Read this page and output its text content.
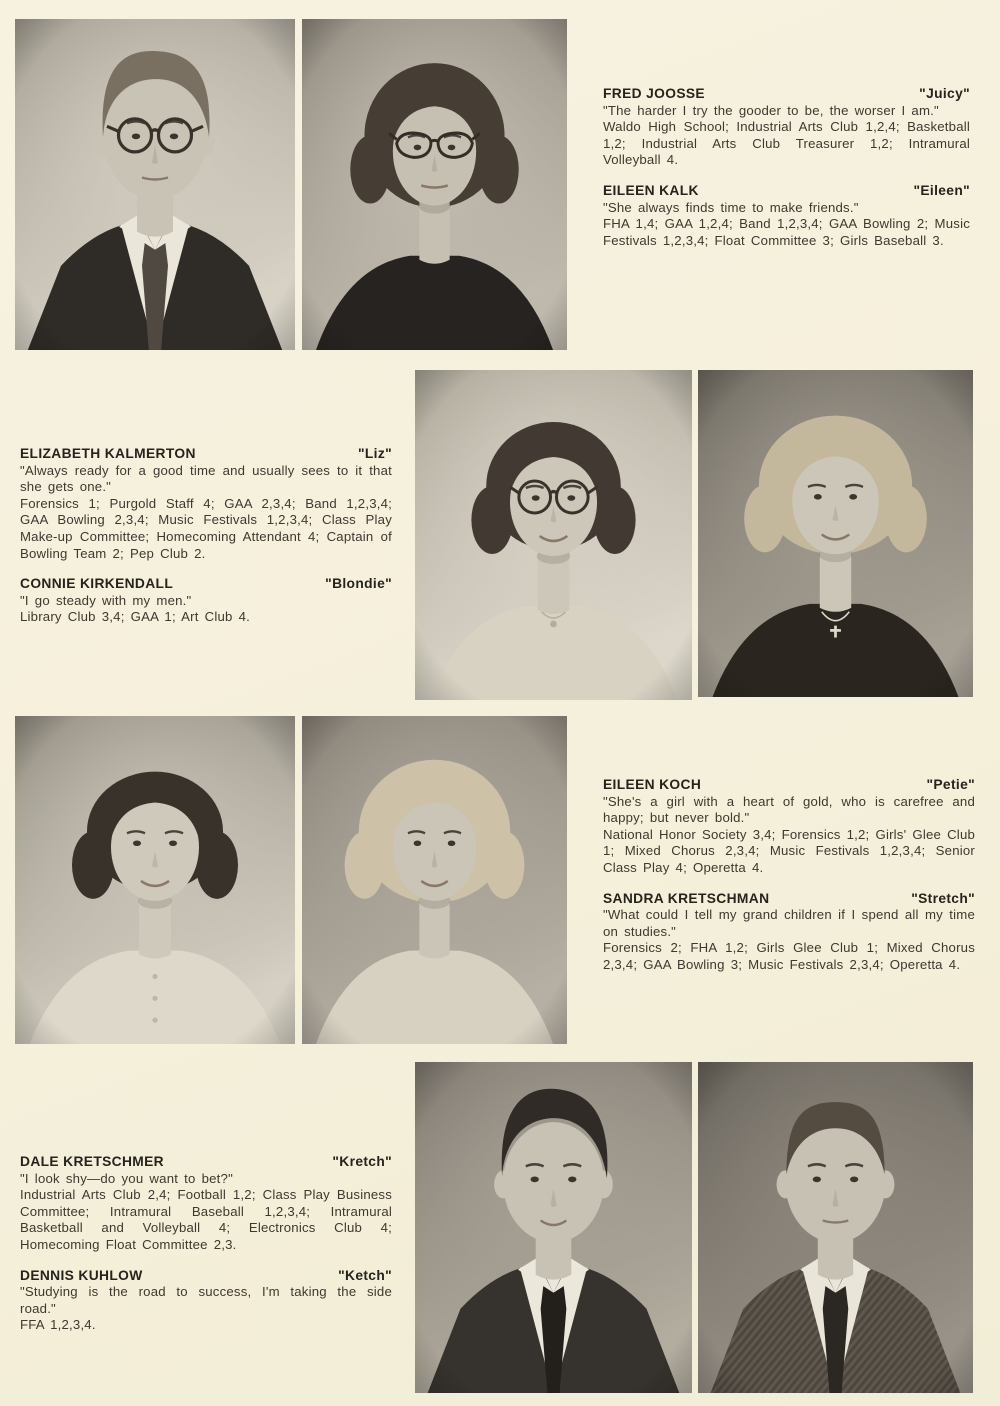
FRED JOOSSE	"Juicy"

"The harder I try the gooder to be, the worser I am."

Waldo High School; Industrial Arts Club 1,2,4; Basketball 1,2; Industrial Arts Club Treasurer 1,2; Intramural Volleyball 4.

EILEEN KALK	"Eileen"

"She always finds time to make friends."

FHA 1,4; GAA 1,2,4; Band 1,2,3,4; GAA Bowling 2; Music Festivals 1,2,3,4; Float Committee 3; Girls Baseball 3.

ELIZABETH KALMERTON	"Liz"

"Always ready for a good time and usually sees to it that she gets one."

Forensics 1; Purgold Staff 4; GAA 2,3,4; Band 1,2,3,4; GAA Bowling 2,3,4; Music Festivals 1,2,3,4; Class Play Make-up Committee; Homecoming Attendant 4; Captain of Bowling Team 2; Pep Club 2.

CONNIE KIRKENDALL	"Blondie"

"I go steady with my men."

Library Club 3,4; GAA 1; Art Club 4.

EILEEN KOCH	"Petie"

"She's a girl with a heart of gold, who is carefree and happy; but never bold."

National Honor Society 3,4; Forensics 1,2; Girls' Glee Club 1; Mixed Chorus 2,3,4; Music Festivals 1,2,3,4; Senior Class Play 4; Operetta 4.

SANDRA KRETSCHMAN	"Stretch"

"What could I tell my grand children if I spend all my time on studies."

Forensics 2; FHA 1,2; Girls Glee Club 1; Mixed Chorus 2,3,4; GAA Bowling 3; Music Festivals 2,3,4; Operetta 4.

DALE KRETSCHMER	"Kretch"

"I look shy—do you want to bet?"

Industrial Arts Club 2,4; Football 1,2; Class Play Business Committee; Intramural Baseball 1,2,3,4; Intramural Basketball and Volleyball 4; Electronics Club 4; Homecoming Float Committee 2,3.

DENNIS KUHLOW	"Ketch"

"Studying is the road to success, I'm taking the side road."

FFA 1,2,3,4.
